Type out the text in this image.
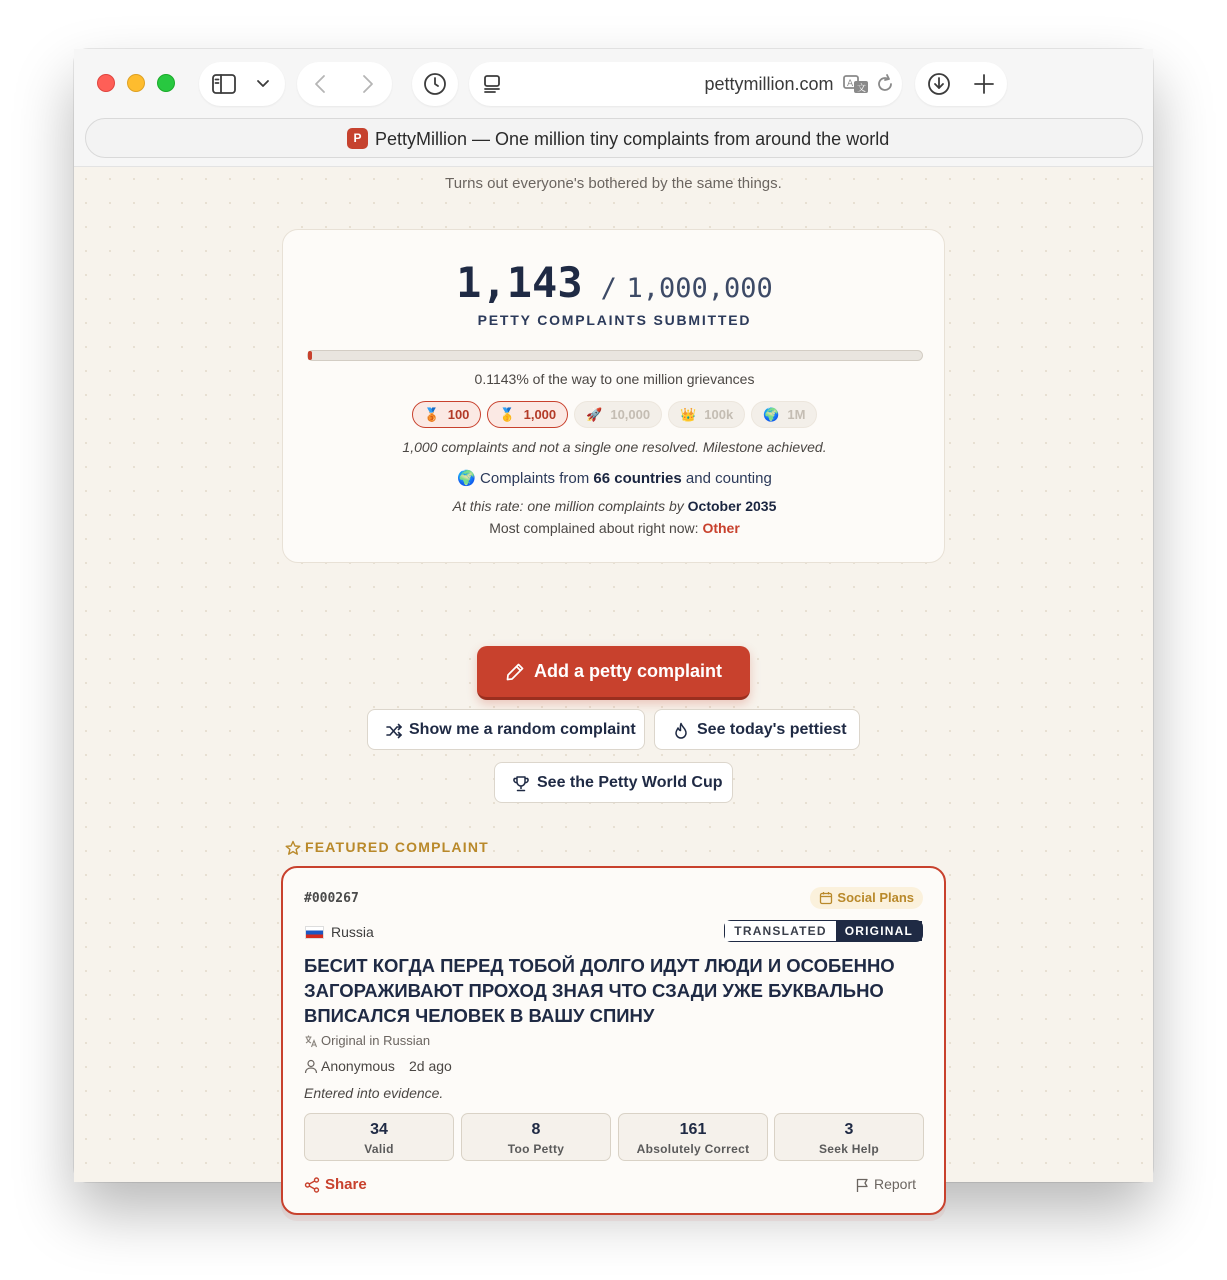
pettymillion.com	A 文
P PettyMillion — One million tiny complaints from around the world
Turns out everyone's bothered by the same things.
1,143 / 1,000,000
PETTY COMPLAINTS SUBMITTED
0.1143% of the way to one million grievances
🥉 100 🥇 1,000 🚀 10,000 👑 100k 🌍 1M
1,000 complaints and not a single one resolved. Milestone achieved.
🌍 Complaints from 66 countries and counting
At this rate: one million complaints by October 2035
Most complained about right now: Other
Add a petty complaint
Show me a random complaint	See today's pettiest
See the Petty World Cup
FEATURED COMPLAINT
#000267	Social Plans
Russia	TRANSLATED	ORIGINAL
БЕСИТ КОГДА ПЕРЕД ТОБОЙ ДОЛГО ИДУТ ЛЮДИ И ОСОБЕННО ЗАГОРАЖИВАЮТ ПРОХОД ЗНАЯ ЧТО СЗАДИ УЖЕ БУКВАЛЬНО ВПИСАЛСЯ ЧЕЛОВЕК В ВАШУ СПИНУ
Original in Russian
Anonymous 2d ago
Entered into evidence.
34
Valid
8
Too Petty
161
Absolutely Correct
3
Seek Help
Share	Report
